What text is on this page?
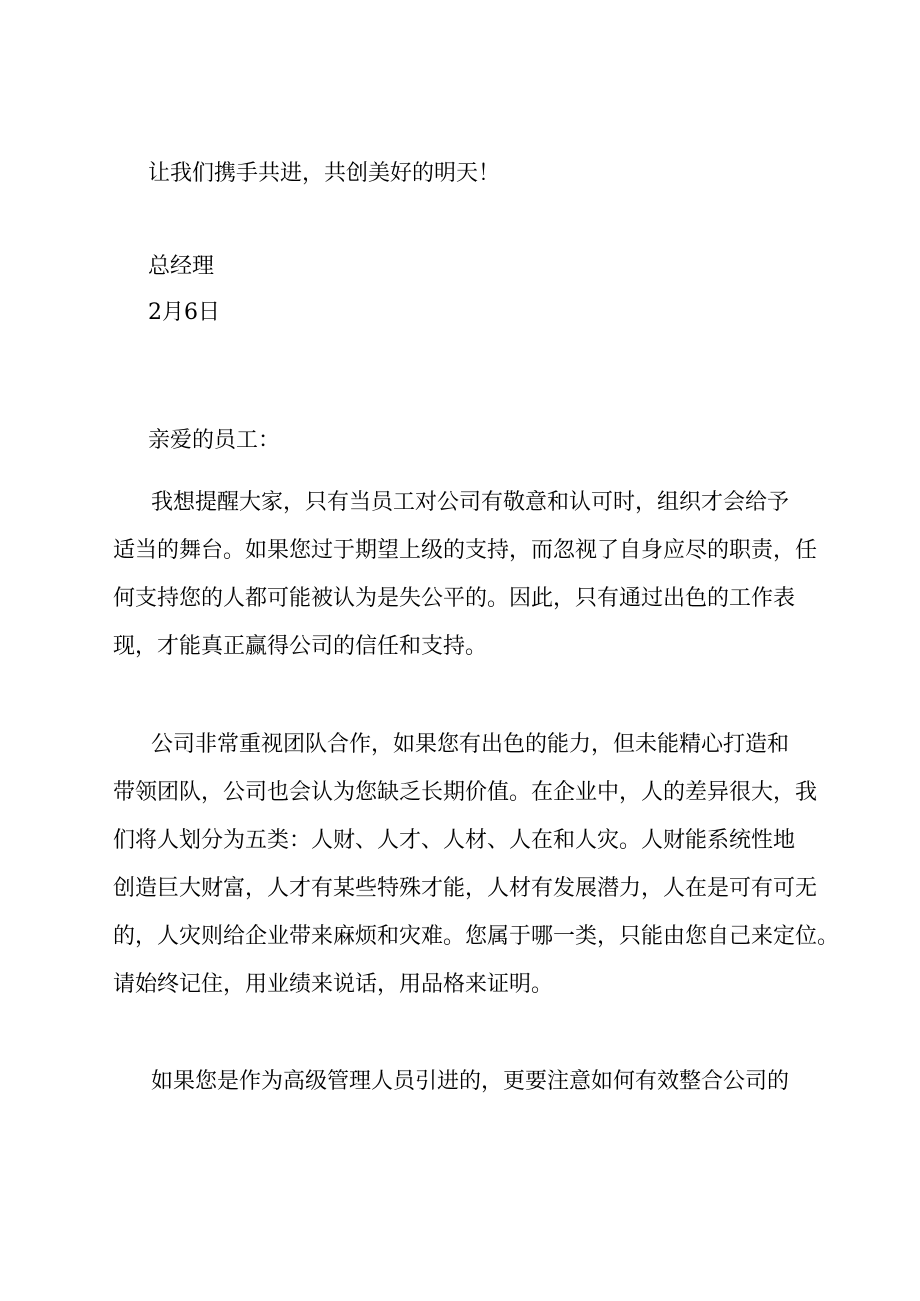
让我们携手共进，共创美好的明天！

总经理

2月6日

亲爱的员工：

我想提醒大家，只有当员工对公司有敬意和认可时，组织才会给予
适当的舞台。如果您过于期望上级的支持，而忽视了自身应尽的职责，任
何支持您的人都可能被认为是失公平的。因此，只有通过出色的工作表
现，才能真正赢得公司的信任和支持。
公司非常重视团队合作，如果您有出色的能力，但未能精心打造和
带领团队，公司也会认为您缺乏长期价值。在企业中，人的差异很大，我
们将人划分为五类：人财、人才、人材、人在和人灾。人财能系统性地
创造巨大财富，人才有某些特殊才能，人材有发展潜力，人在是可有可无
的，人灾则给企业带来麻烦和灾难。您属于哪一类，只能由您自己来定位。
请始终记住，用业绩来说话，用品格来证明。
如果您是作为高级管理人员引进的，更要注意如何有效整合公司的
